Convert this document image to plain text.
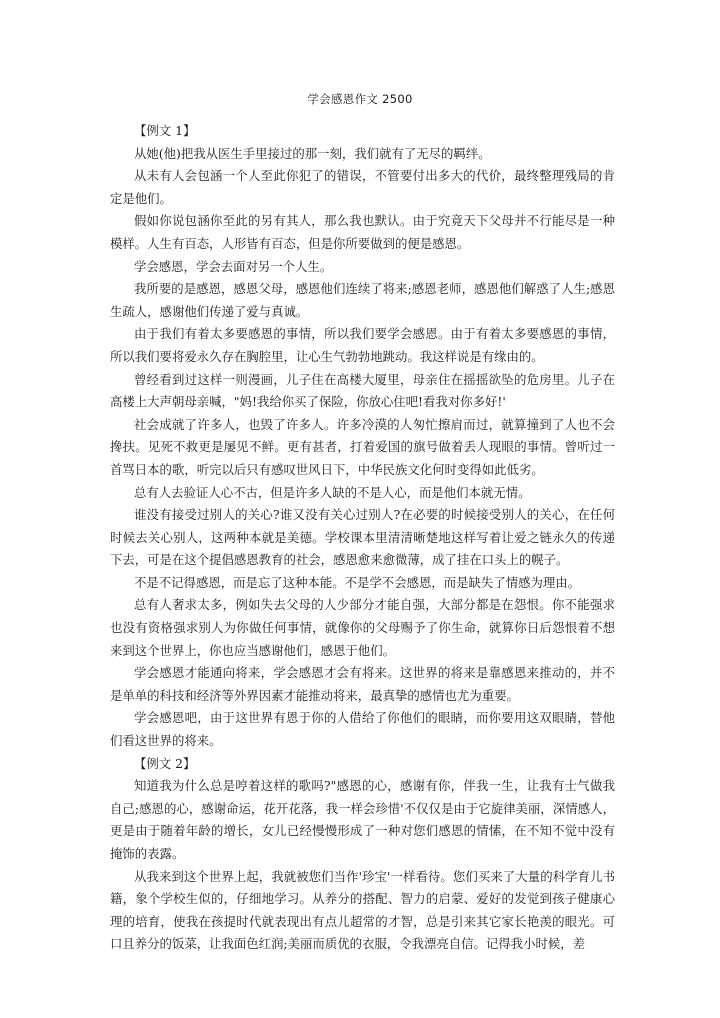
学会感恩作文 2500

【例文 1】

从她(他)把我从医生手里接过的那一刻，我们就有了无尽的羁绊。

从未有人会包涵一个人至此你犯了的错误，不管要付出多大的代价，最终整理残局的肯定是他们。

假如你说包涵你至此的另有其人，那么我也默认。由于究竟天下父母并不行能尽是一种模样。人生有百态，人形皆有百态，但是你所要做到的便是感恩。

学会感恩，学会去面对另一个人生。

我所要的是感恩，感恩父母，感恩他们连续了将来;感恩老师，感恩他们解惑了人生;感恩生疏人，感谢他们传递了爱与真诚。

由于我们有着太多要感恩的事情，所以我们要学会感恩。由于有着太多要感恩的事情，所以我们要将爱永久存在胸腔里，让心生气勃勃地跳动。我这样说是有缘由的。

曾经看到过这样一则漫画，儿子住在高楼大厦里，母亲住在摇摇欲坠的危房里。儿子在高楼上大声朝母亲喊，"妈!我给你买了保险，你放心住吧!看我对你多好!'

社会成就了许多人，也毁了许多人。许多冷漠的人匆忙擦肩而过，就算撞到了人也不会搀扶。见死不救更是屡见不鲜。更有甚者，打着爱国的旗号做着丢人现眼的事情。曾听过一首骂日本的歌，听完以后只有感叹世风日下，中华民族文化何时变得如此低劣。

总有人去验证人心不古，但是许多人缺的不是人心，而是他们本就无情。

谁没有接受过别人的关心?谁又没有关心过别人?在必要的时候接受别人的关心，在任何时候去关心别人，这两种本就是美德。学校课本里清清晰楚地这样写着让爱之链永久的传递下去，可是在这个提倡感恩教育的社会，感恩愈来愈微薄，成了挂在口头上的幌子。

不是不记得感恩，而是忘了这种本能。不是学不会感恩，而是缺失了情感为理由。

总有人奢求太多，例如失去父母的人少部分才能自强，大部分都是在怨恨。你不能强求也没有资格强求别人为你做任何事情，就像你的父母赐予了你生命，就算你日后怨恨着不想来到这个世界上，你也应当感谢他们，感恩于他们。

学会感恩才能通向将来，学会感恩才会有将来。这世界的将来是靠感恩来推动的，并不是单单的科技和经济等外界因素才能推动将来，最真挚的感情也尤为重要。

学会感恩吧，由于这世界有恩于你的人借给了你他们的眼睛，而你要用这双眼睛，替他们看这世界的将来。

【例文 2】

知道我为什么总是哼着这样的歌吗?"感恩的心，感谢有你，伴我一生，让我有士气做我自己;感恩的心，感谢命运，花开花落，我一样会珍惜'不仅仅是由于它旋律美丽，深情感人，更是由于随着年龄的增长，女儿已经慢慢形成了一种对您们感恩的情愫，在不知不觉中没有掩饰的表露。

从我来到这个世界上起，我就被您们当作'珍宝'一样看待。您们买来了大量的科学育儿书籍，象个学校生似的，仔细地学习。从养分的搭配、智力的启蒙、爱好的发觉到孩子健康心理的培育，使我在孩提时代就表现出有点儿超常的才智，总是引来其它家长艳羡的眼光。可口且养分的饭菜，让我面色红润;美丽而质优的衣服，令我漂亮自信。记得我小时候，差
